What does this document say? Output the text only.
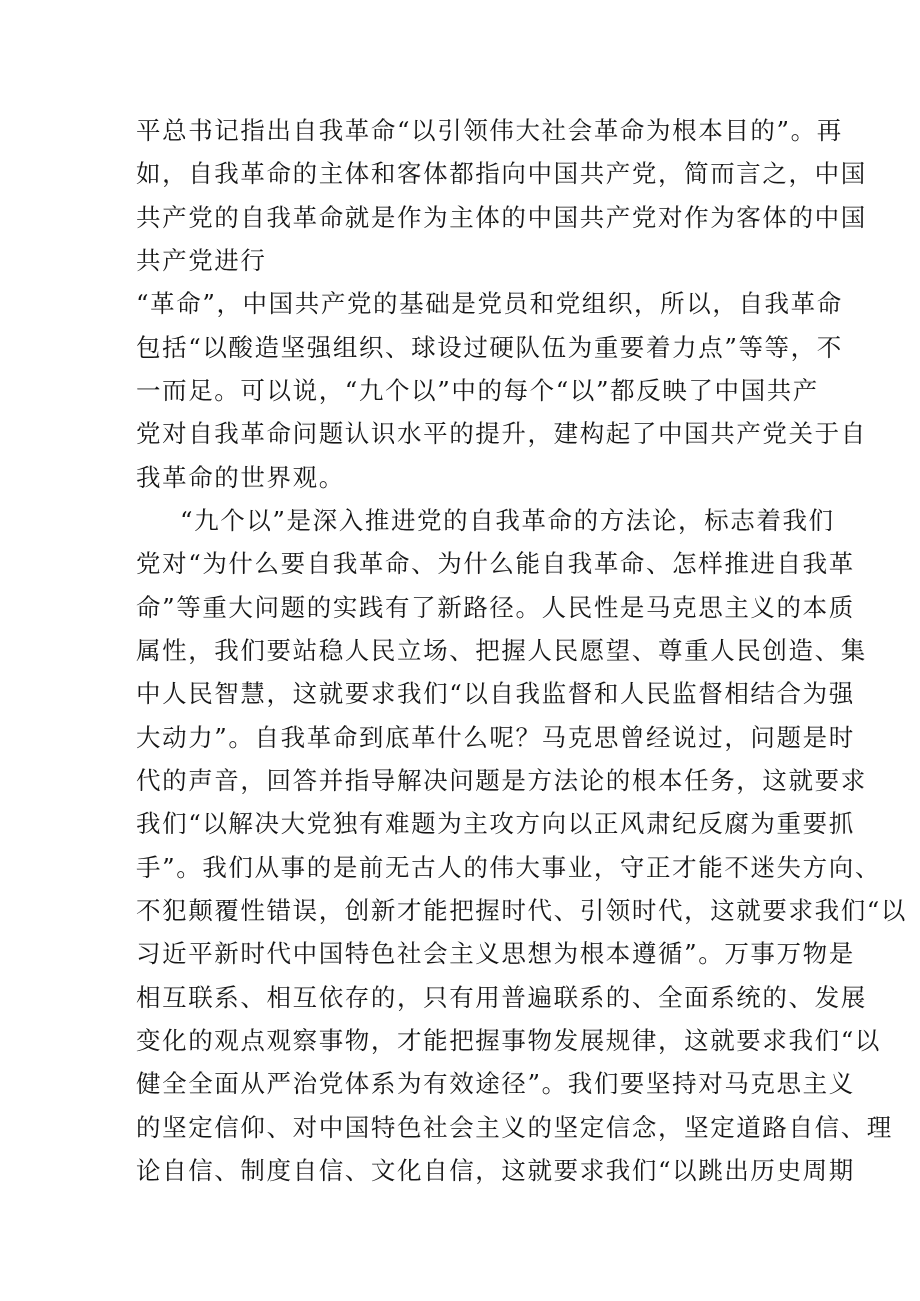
平总书记指出自我革命“以引领伟大社会革命为根本目的”。再
如，自我革命的主体和客体都指向中国共产党，简而言之，中国
共产党的自我革命就是作为主体的中国共产党对作为客体的中国
共产党进行
“革命”，中国共产党的基础是党员和党组织，所以，自我革命
包括“以酸造坚强组织、球设过硬队伍为重要着力点”等等，不
一而足。可以说，“九个以”中的每个“以”都反映了中国共产
党对自我革命问题认识水平的提升，建构起了中国共产党关于自
我革命的世界观。
“九个以”是深入推进党的自我革命的方法论，标志着我们
党对“为什么要自我革命、为什么能自我革命、怎样推进自我革
命”等重大问题的实践有了新路径。人民性是马克思主义的本质
属性，我们要站稳人民立场、把握人民愿望、尊重人民创造、集
中人民智慧，这就要求我们“以自我监督和人民监督相结合为强
大动力”。自我革命到底革什么呢？马克思曾经说过，问题是时
代的声音，回答并指导解决问题是方法论的根本任务，这就要求
我们“以解决大党独有难题为主攻方向以正风肃纪反腐为重要抓
手”。我们从事的是前无古人的伟大事业，守正才能不迷失方向、
不犯颠覆性错误，创新才能把握时代、引领时代，这就要求我们“以
习近平新时代中国特色社会主义思想为根本遵循”。万事万物是
相互联系、相互依存的，只有用普遍联系的、全面系统的、发展
变化的观点观察事物，才能把握事物发展规律，这就要求我们“以
健全全面从严治党体系为有效途径”。我们要坚持对马克思主义
的坚定信仰、对中国特色社会主义的坚定信念，坚定道路自信、理
论自信、制度自信、文化自信，这就要求我们“以跳出历史周期
